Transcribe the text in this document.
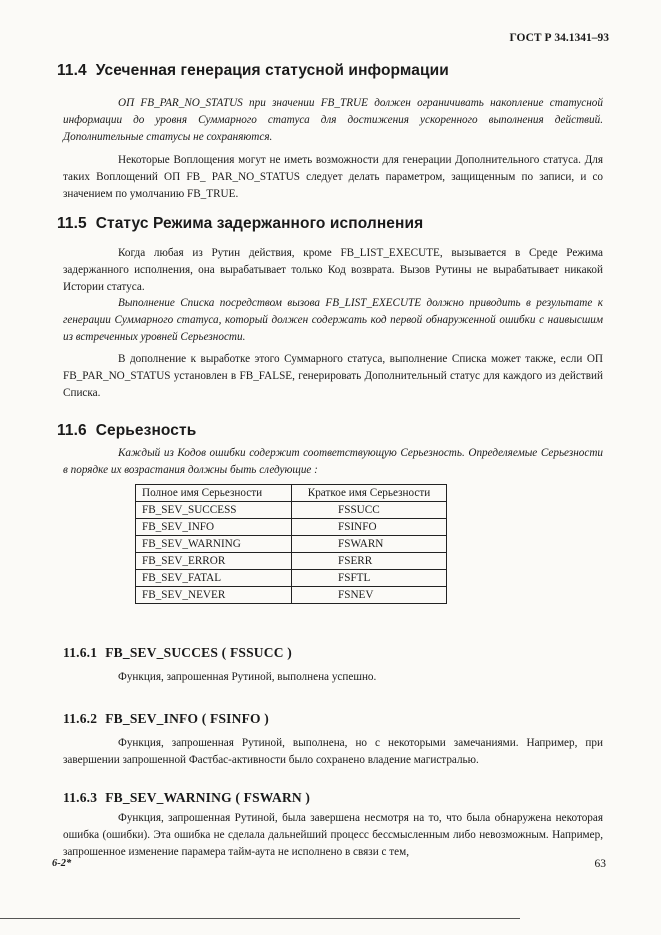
ГОСТ Р 34.1341–93
11.4 Усеченная генерация статусной информации
ОП FB_PAR_NO_STATUS при значении FB_TRUE должен ограничивать накопление статусной информации до уровня Суммарного статуса для достижения ускоренного выполнения действий. Дополнительные статусы не сохраняются.
Некоторые Воплощения могут не иметь возможности для генерации Дополнительного статуса. Для таких Воплощений ОП FB_ PAR_NO_STATUS следует делать параметром, защищенным по записи, и со значением по умолчанию FB_TRUE.
11.5 Статус Режима задержанного исполнения
Когда любая из Рутин действия, кроме FB_LIST_EXECUTE, вызывается в Среде Режима задержанного исполнения, она вырабатывает только Код возврата. Вызов Рутины не вырабатывает никакой Истории статуса.
Выполнение Списка посредством вызова FB_LIST_EXECUTE должно приводить в результате к генерации Суммарного статуса, который должен содержать код первой обнаруженной ошибки с наивысшим из встреченных уровней Серьезности.
В дополнение к выработке этого Суммарного статуса, выполнение Списка может также, если ОП FB_PAR_NO_STATUS установлен в FB_FALSE, генерировать Дополнительный статус для каждого из действий Списка.
11.6 Серьезность
Каждый из Кодов ошибки содержит соответствующую Серьезность. Определяемые Серьезности в порядке их возрастания должны быть следующие :
Полное имя Серьезности	Краткое имя Серьезности
FB_SEV_SUCCESS	FSSUCC
FB_SEV_INFO	FSINFO
FB_SEV_WARNING	FSWARN
FB_SEV_ERROR	FSERR
FB_SEV_FATAL	FSFTL
FB_SEV_NEVER	FSNEV
11.6.1 FB_SEV_SUCCES ( FSSUCC )
Функция, запрошенная Рутиной, выполнена успешно.
11.6.2 FB_SEV_INFO ( FSINFO )
Функция, запрошенная Рутиной, выполнена, но с некоторыми замечаниями. Например, при завершении запрошенной Фастбас-активности было сохранено владение магистралью.
11.6.3 FB_SEV_WARNING ( FSWARN )
Функция, запрошенная Рутиной, была завершена несмотря на то, что была обнаружена некоторая ошибка (ошибки). Эта ошибка не сделала дальнейший процесс бессмысленным либо невозможным. Например, запрошенное изменение парамера тайм-аута не исполнено в связи с тем,
6-2*	63
